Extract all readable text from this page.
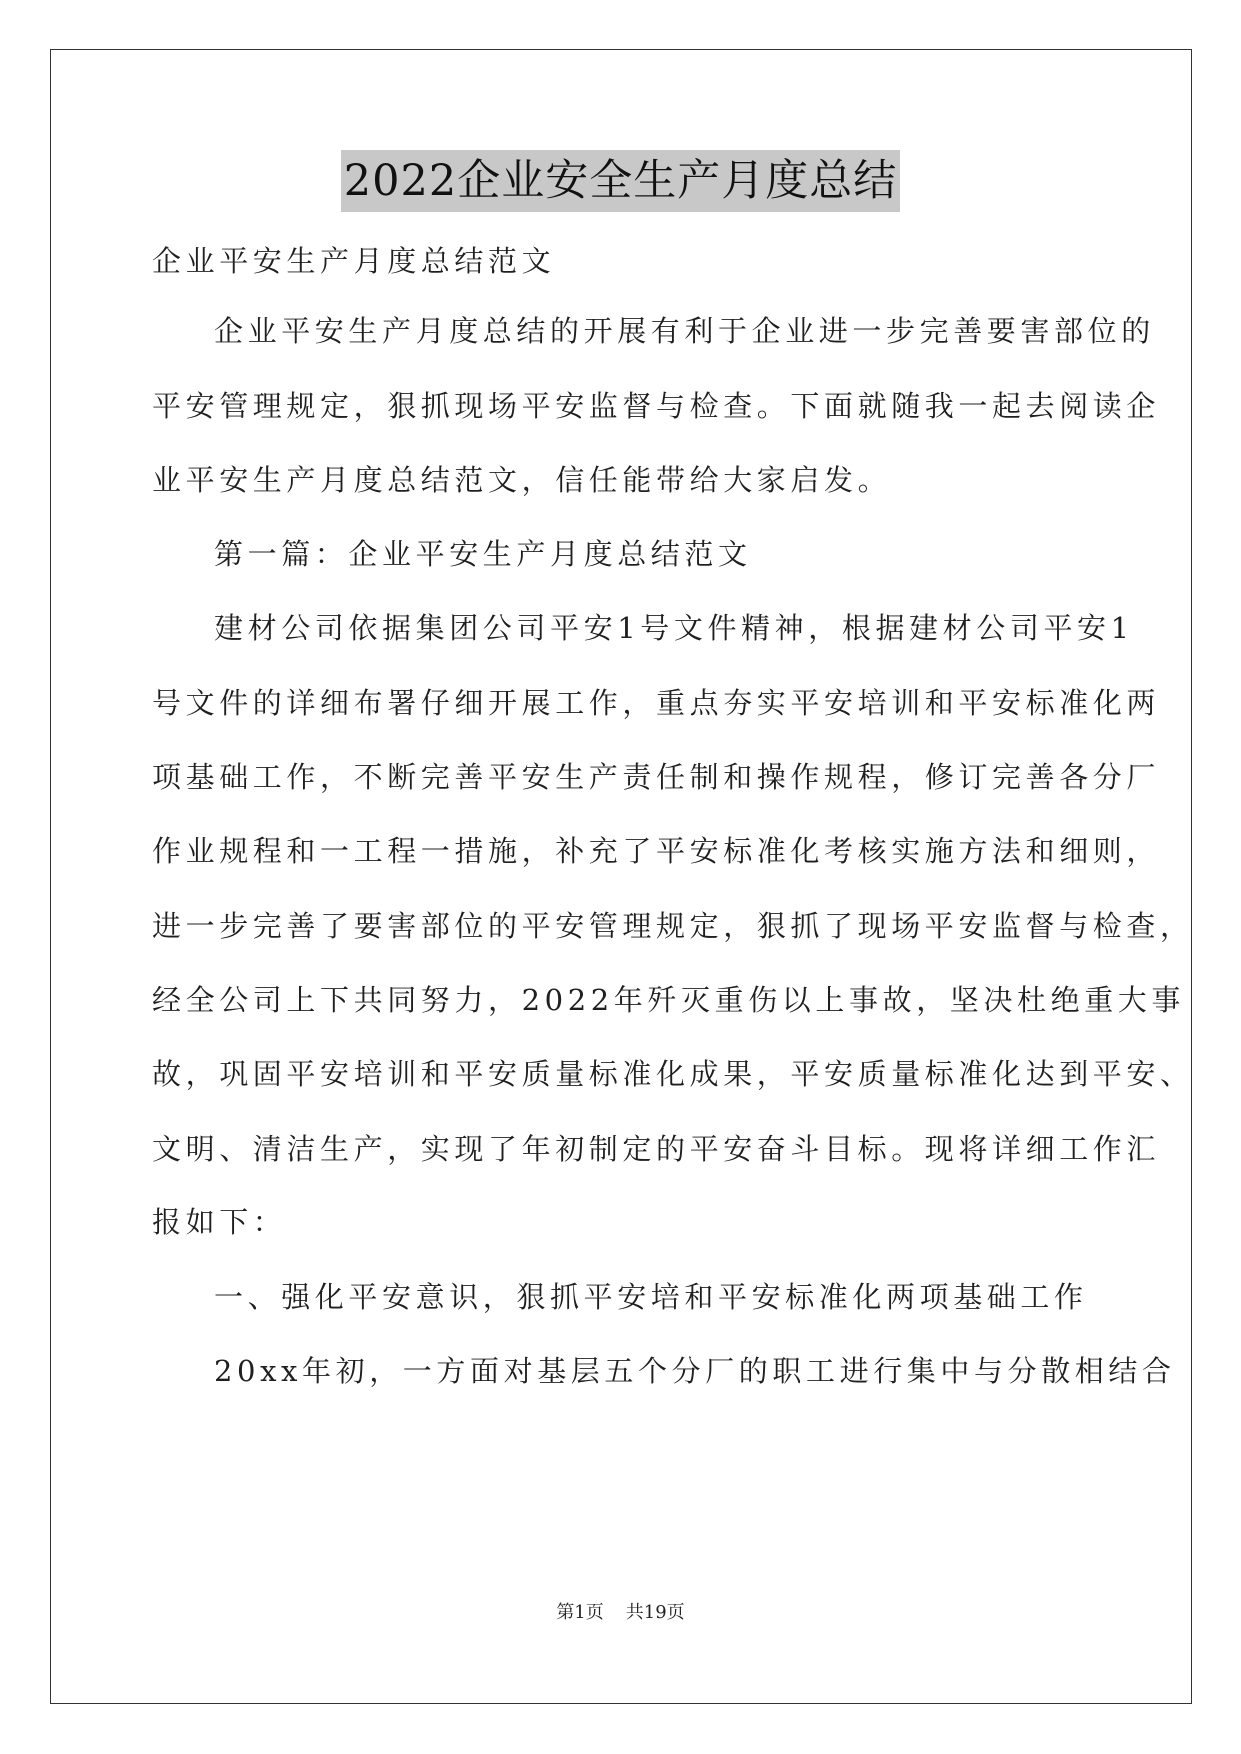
2022企业安全生产月度总结
企业平安生产月度总结范文
企业平安生产月度总结的开展有利于企业进一步完善要害部位的
平安管理规定，狠抓现场平安监督与检查。下面就随我一起去阅读企
业平安生产月度总结范文，信任能带给大家启发。
第一篇：企业平安生产月度总结范文
建材公司依据集团公司平安1号文件精神，根据建材公司平安1
号文件的详细布署仔细开展工作，重点夯实平安培训和平安标准化两
项基础工作，不断完善平安生产责任制和操作规程，修订完善各分厂
作业规程和一工程一措施，补充了平安标准化考核实施方法和细则，
进一步完善了要害部位的平安管理规定，狠抓了现场平安监督与检查，
经全公司上下共同努力，2022年歼灭重伤以上事故，坚决杜绝重大事
故，巩固平安培训和平安质量标准化成果，平安质量标准化达到平安、
文明、清洁生产，实现了年初制定的平安奋斗目标。现将详细工作汇
报如下：
一、强化平安意识，狠抓平安培和平安标准化两项基础工作
20xx年初，一方面对基层五个分厂的职工进行集中与分散相结合
第1页 共19页
